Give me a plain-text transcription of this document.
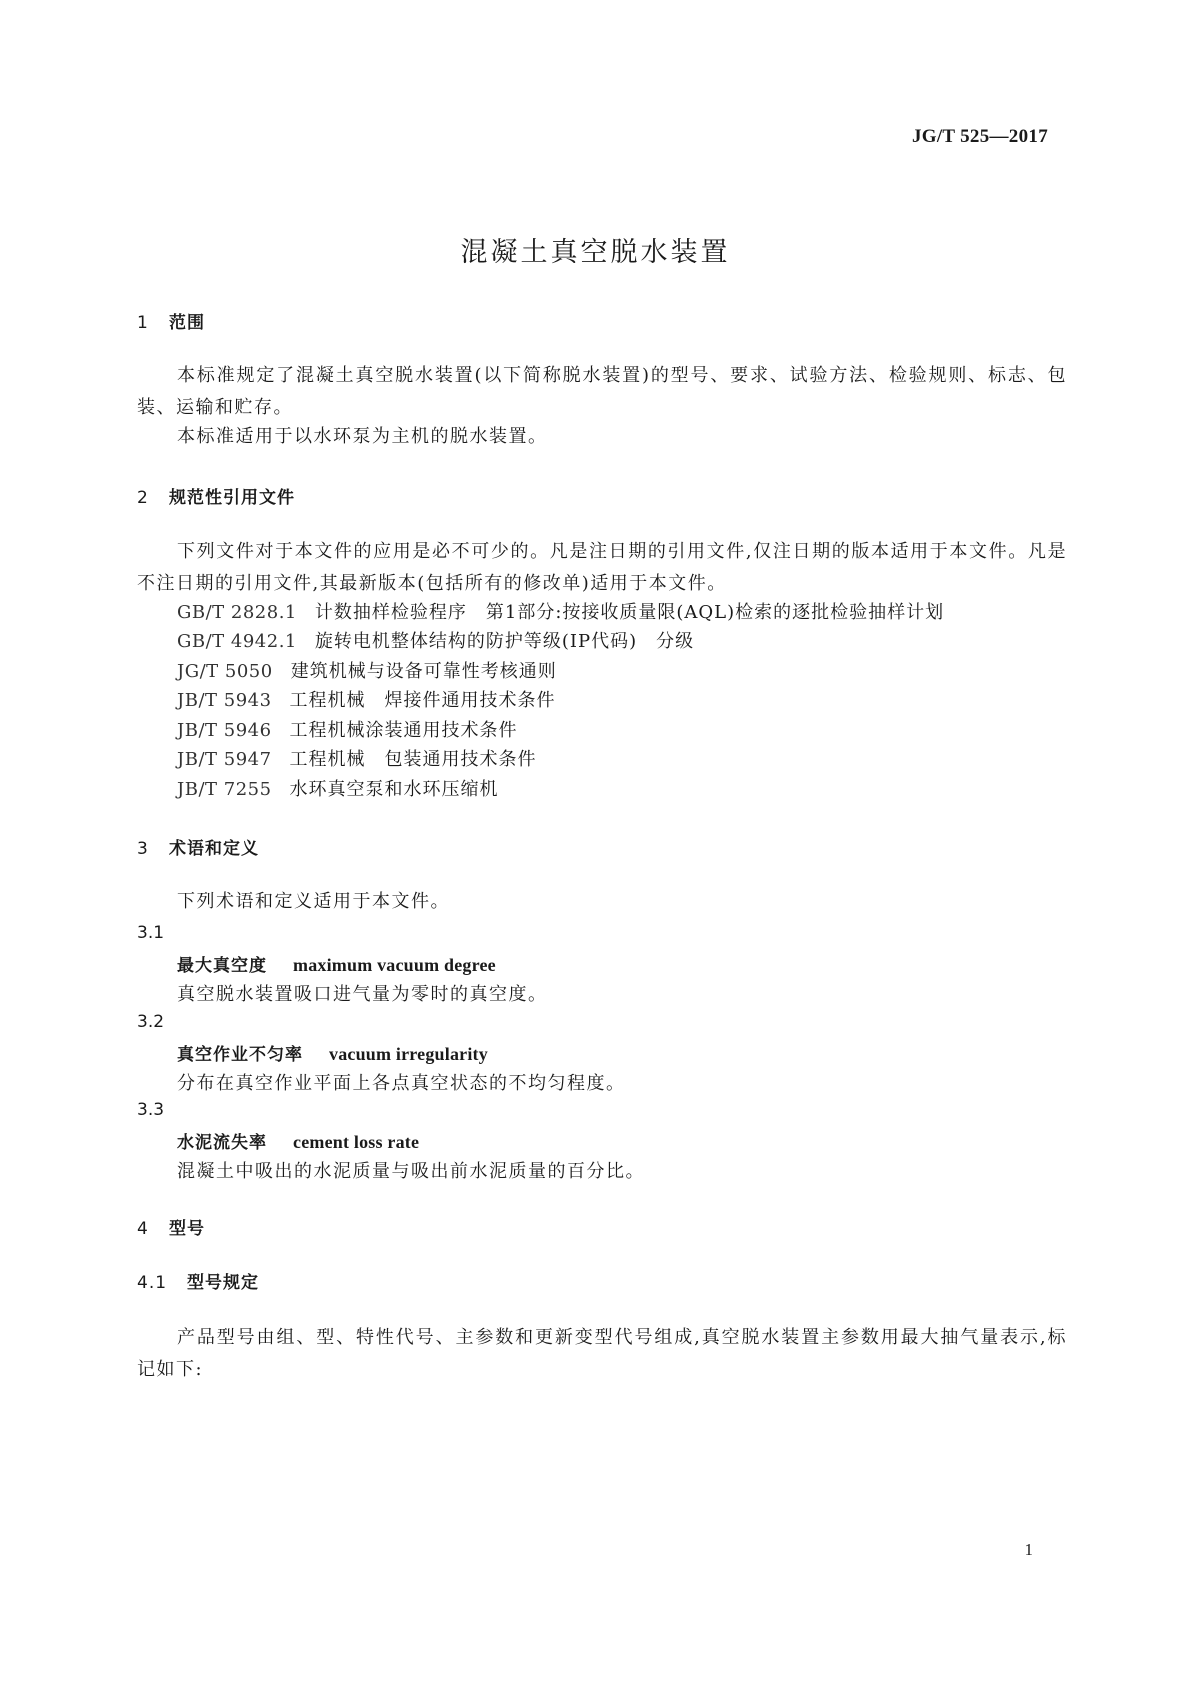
JG/T 525—2017
混凝土真空脱水装置
1 范围
本标准规定了混凝土真空脱水装置(以下简称脱水装置)的型号、要求、试验方法、检验规则、标志、包装、运输和贮存。
本标准适用于以水环泵为主机的脱水装置。
2 规范性引用文件
下列文件对于本文件的应用是必不可少的。凡是注日期的引用文件,仅注日期的版本适用于本文件。凡是不注日期的引用文件,其最新版本(包括所有的修改单)适用于本文件。
GB/T 2828.1 计数抽样检验程序　第1部分:按接收质量限(AQL)检索的逐批检验抽样计划
GB/T 4942.1 旋转电机整体结构的防护等级(IP代码)　分级
JG/T 5050 建筑机械与设备可靠性考核通则
JB/T 5943 工程机械　焊接件通用技术条件
JB/T 5946 工程机械涂装通用技术条件
JB/T 5947 工程机械　包装通用技术条件
JB/T 7255 水环真空泵和水环压缩机
3 术语和定义
下列术语和定义适用于本文件。
3.1
最大真空度 maximum vacuum degree
真空脱水装置吸口进气量为零时的真空度。
3.2
真空作业不匀率 vacuum irregularity
分布在真空作业平面上各点真空状态的不均匀程度。
3.3
水泥流失率 cement loss rate
混凝土中吸出的水泥质量与吸出前水泥质量的百分比。
4 型号
4.1 型号规定
产品型号由组、型、特性代号、主参数和更新变型代号组成,真空脱水装置主参数用最大抽气量表示,标记如下:
1
